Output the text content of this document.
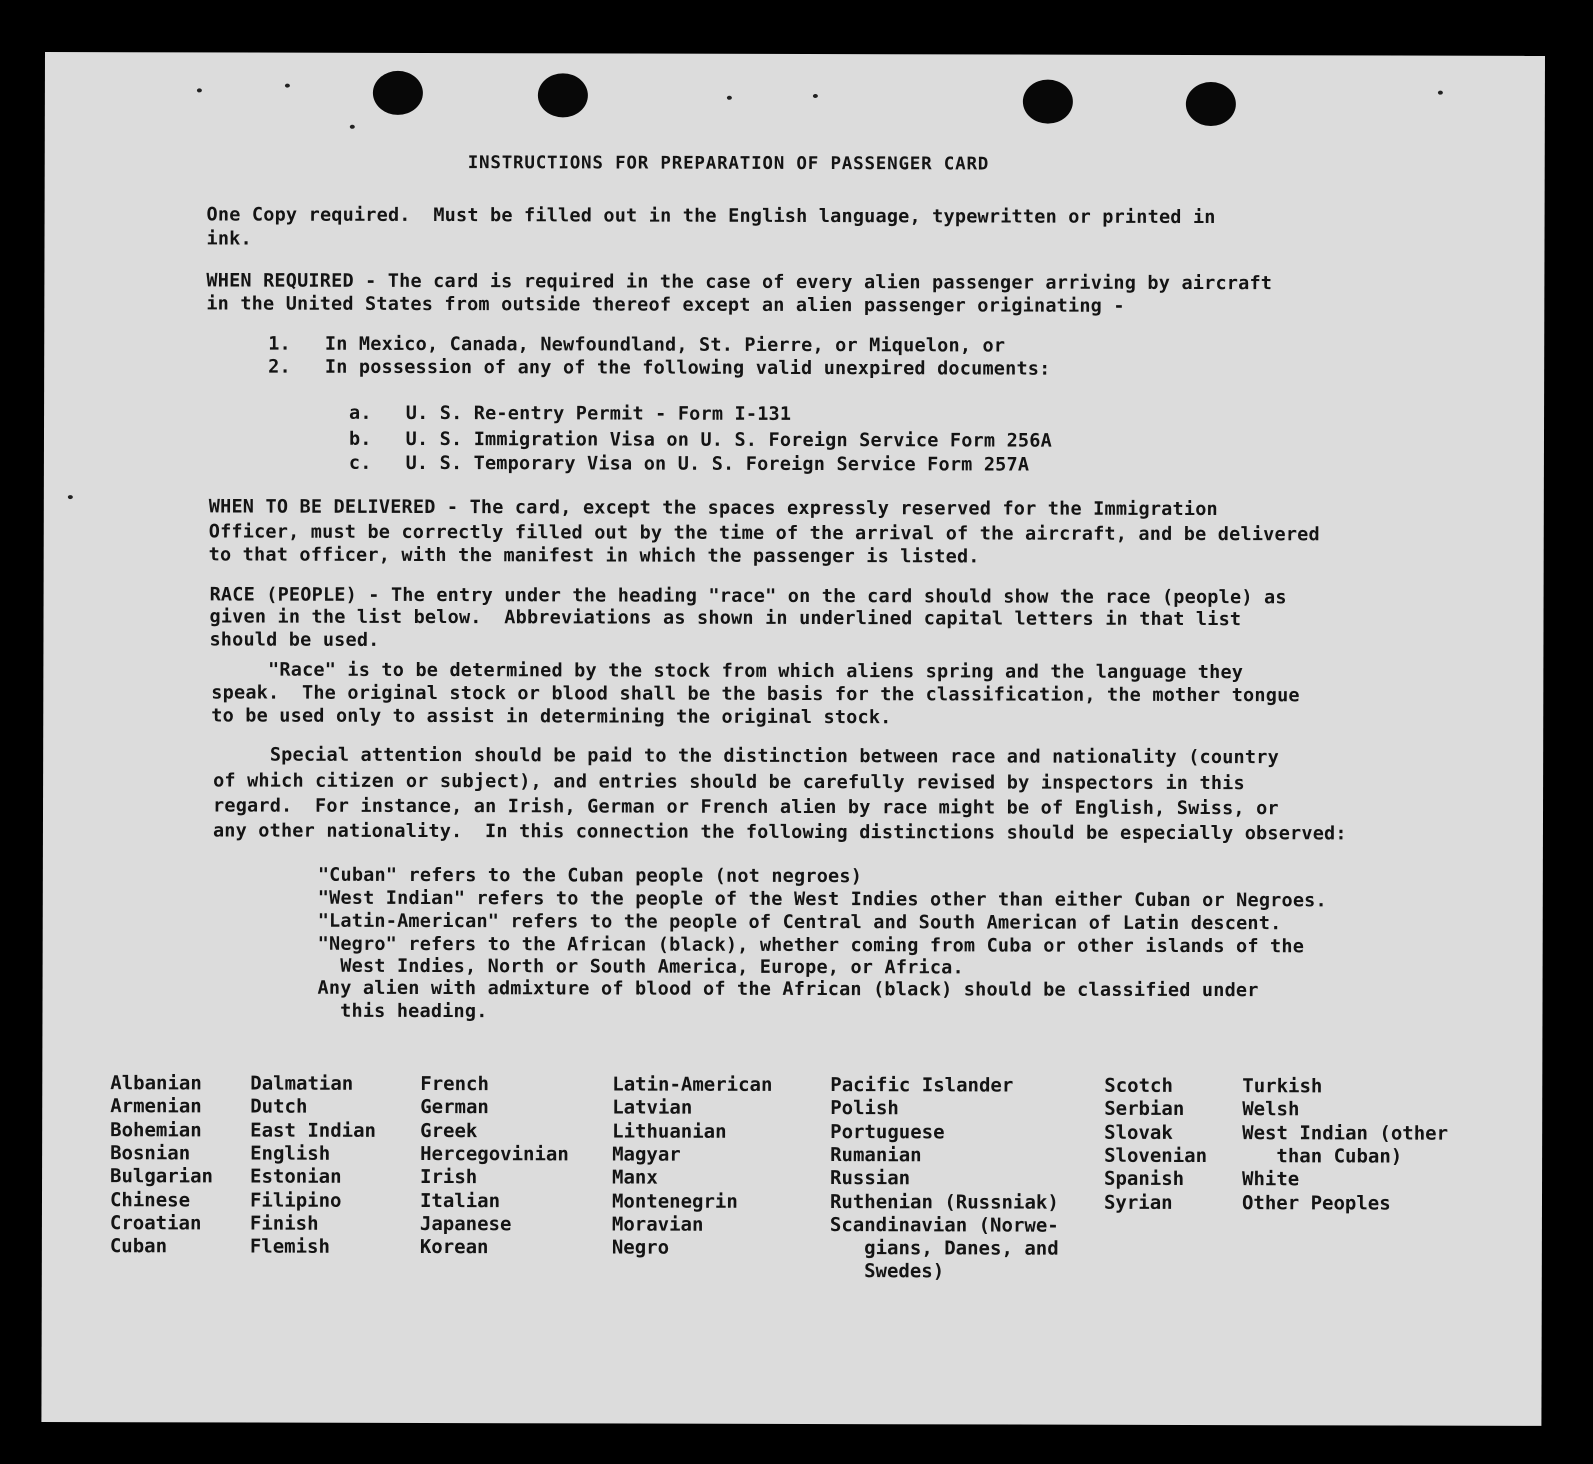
INSTRUCTIONS FOR PREPARATION OF PASSENGER CARD
One Copy required.  Must be filled out in the English language, typewritten or printed in
ink.
WHEN REQUIRED - The card is required in the case of every alien passenger arriving by aircraft
in the United States from outside thereof except an alien passenger originating -
1.   In Mexico, Canada, Newfoundland, St. Pierre, or Miquelon, or
2.   In possession of any of the following valid unexpired documents:
a.   U. S. Re-entry Permit - Form I-131
b.   U. S. Immigration Visa on U. S. Foreign Service Form 256A
c.   U. S. Temporary Visa on U. S. Foreign Service Form 257A
WHEN TO BE DELIVERED - The card, except the spaces expressly reserved for the Immigration
Officer, must be correctly filled out by the time of the arrival of the aircraft, and be delivered
to that officer, with the manifest in which the passenger is listed.
RACE (PEOPLE) - The entry under the heading "race" on the card should show the race (people) as
given in the list below.  Abbreviations as shown in underlined capital letters in that list
should be used.
"Race" is to be determined by the stock from which aliens spring and the language they
speak.  The original stock or blood shall be the basis for the classification, the mother tongue
to be used only to assist in determining the original stock.
Special attention should be paid to the distinction between race and nationality (country
of which citizen or subject), and entries should be carefully revised by inspectors in this
regard.  For instance, an Irish, German or French alien by race might be of English, Swiss, or
any other nationality.  In this connection the following distinctions should be especially observed:
"Cuban" refers to the Cuban people (not negroes)
"West Indian" refers to the people of the West Indies other than either Cuban or Negroes.
"Latin-American" refers to the people of Central and South American of Latin descent.
"Negro" refers to the African (black), whether coming from Cuba or other islands of the
West Indies, North or South America, Europe, or Africa.
Any alien with admixture of blood of the African (black) should be classified under
this heading.
Albanian
Armenian
Bohemian
Bosnian
Bulgarian
Chinese
Croatian
Cuban
Dalmatian
Dutch
East Indian
English
Estonian
Filipino
Finish
Flemish
French
German
Greek
Hercegovinian
Irish
Italian
Japanese
Korean
Latin-American
Latvian
Lithuanian
Magyar
Manx
Montenegrin
Moravian
Negro
Pacific Islander
Polish
Portuguese
Rumanian
Russian
Ruthenian (Russniak)
Scandinavian (Norwe-
gians, Danes, and
Swedes)
Scotch
Serbian
Slovak
Slovenian
Spanish
Syrian
Turkish
Welsh
West Indian (other
than Cuban)
White
Other Peoples
